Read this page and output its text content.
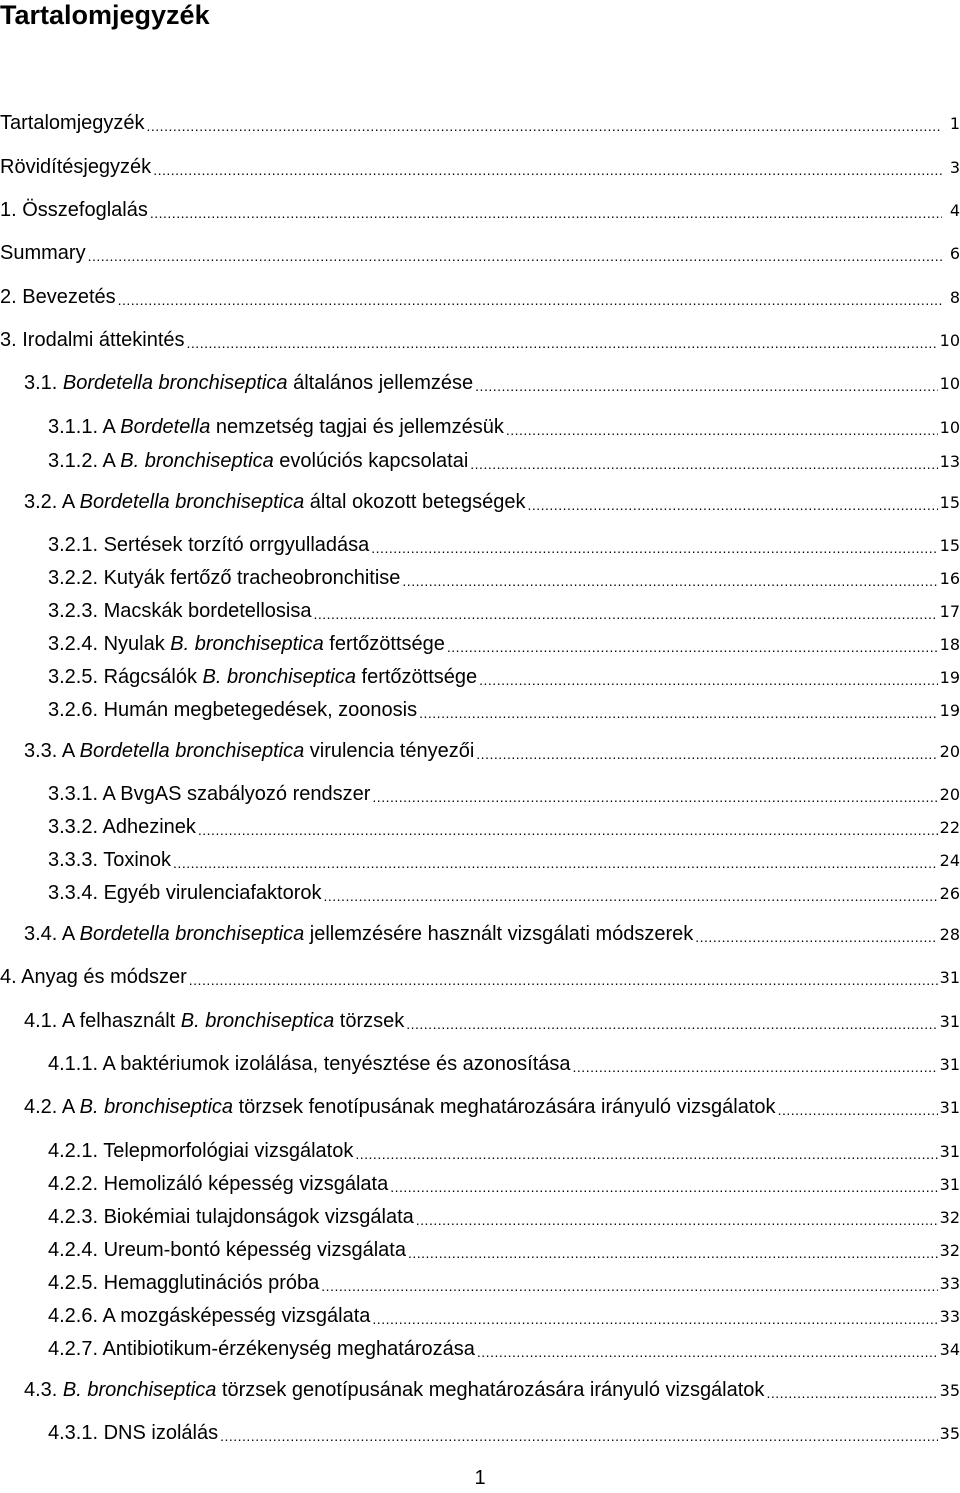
Tartalomjegyzék
Tartalomjegyzék .....	1
Rövidítésjegyzék .....	3
1. Összefoglalás .....	4
Summary .....	6
2. Bevezetés .....	8
3. Irodalmi áttekintés .....	10
3.1. Bordetella bronchiseptica általános jellemzése .....	10
3.1.1. A Bordetella nemzetség tagjai és jellemzésük .....	10
3.1.2. A B. bronchiseptica evolúciós kapcsolatai .....	13
3.2. A Bordetella bronchiseptica által okozott betegségek .....	15
3.2.1. Sertések torzító orrgyulladása .....	15
3.2.2. Kutyák fertőző tracheobronchitise .....	16
3.2.3. Macskák bordetellosisa .....	17
3.2.4. Nyulak B. bronchiseptica fertőzöttsége .....	18
3.2.5. Rágcsálók B. bronchiseptica fertőzöttsége .....	19
3.2.6. Humán megbetegedések, zoonosis .....	19
3.3. A Bordetella bronchiseptica virulencia tényezői .....	20
3.3.1. A BvgAS szabályozó rendszer .....	20
3.3.2. Adhezinek .....	22
3.3.3. Toxinok .....	24
3.3.4. Egyéb virulenciafaktorok .....	26
3.4. A Bordetella bronchiseptica jellemzésére használt vizsgálati módszerek .....	28
4. Anyag és módszer .....	31
4.1. A felhasznált B. bronchiseptica törzsek .....	31
4.1.1. A baktériumok izolálása, tenyésztése és azonosítása .....	31
4.2. A B. bronchiseptica törzsek fenotípusának meghatározására irányuló vizsgálatok .....	31
4.2.1. Telepmorfológiai vizsgálatok .....	31
4.2.2. Hemolizáló képesség vizsgálata .....	31
4.2.3. Biokémiai tulajdonságok vizsgálata .....	32
4.2.4. Ureum-bontó képesség vizsgálata .....	32
4.2.5. Hemagglutinációs próba .....	33
4.2.6. A mozgásképesség vizsgálata .....	33
4.2.7. Antibiotikum-érzékenység meghatározása .....	34
4.3. B. bronchiseptica törzsek genotípusának meghatározására irányuló vizsgálatok .....	35
4.3.1. DNS izolálás .....	35
1
